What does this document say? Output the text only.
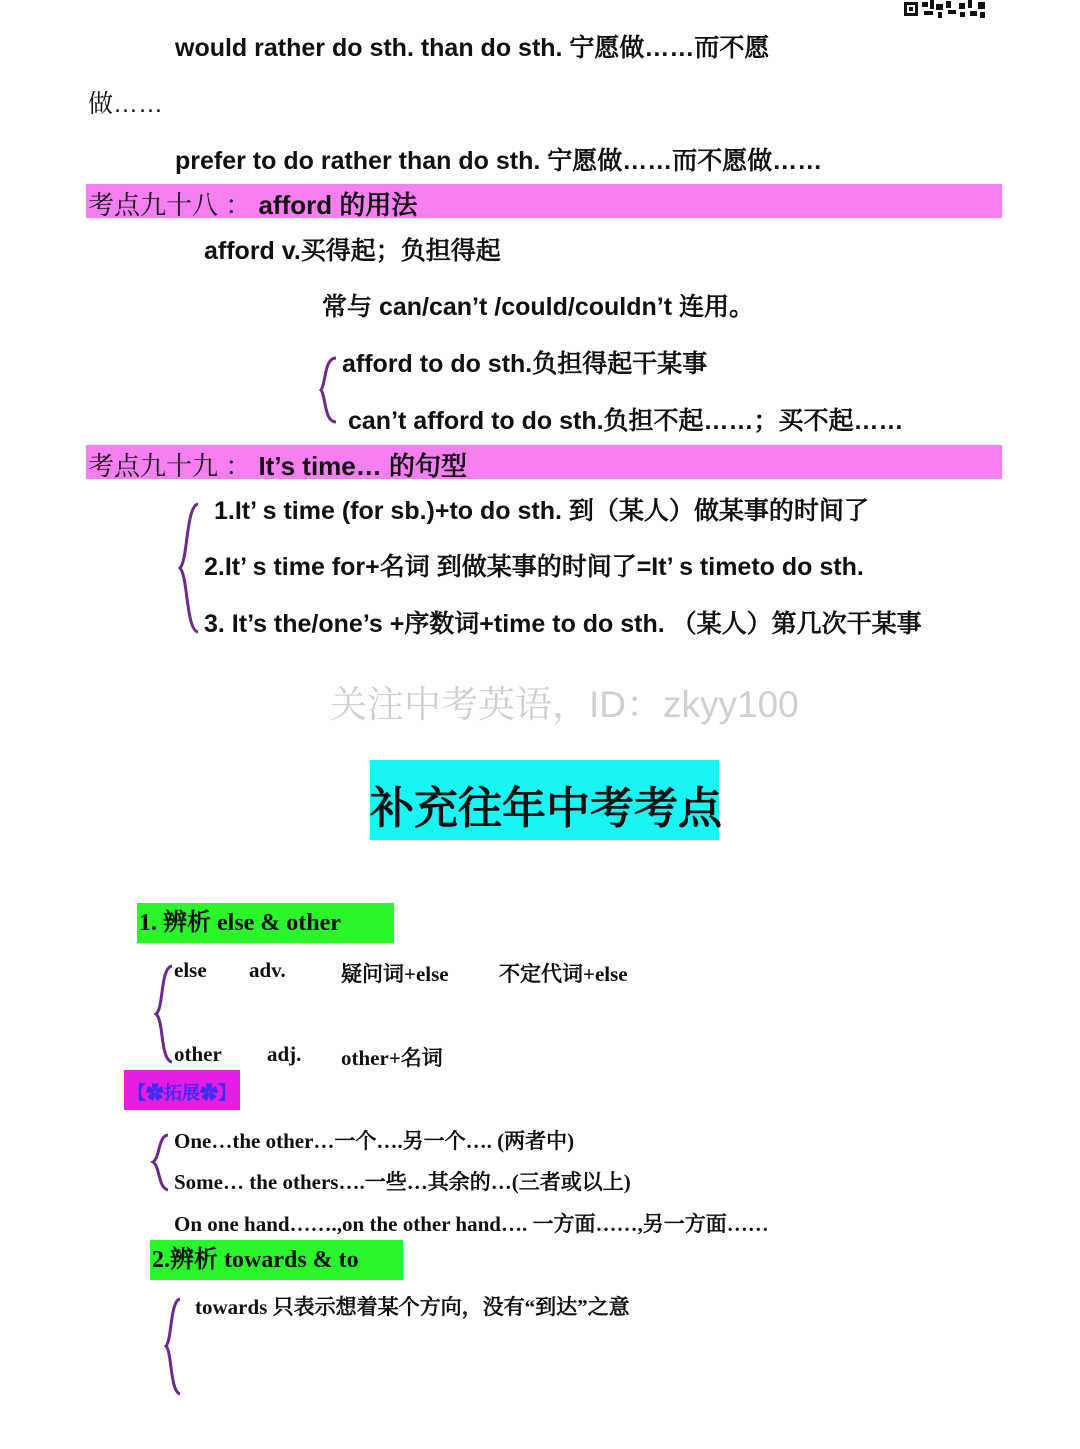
would rather do sth. than do sth. 宁愿做……而不愿
做……
prefer to do rather than do sth. 宁愿做……而不愿做……
考点九十八 ： afford 的用法
afford v.买得起；负担得起
常与 can/can’t /could/couldn’t 连用。
afford to do sth.负担得起干某事
can’t afford to do sth.负担不起……；买不起……
考点九十九 ： It’s time… 的句型
1.It’ s time (for sb.)+to do sth. 到（某人）做某事的时间了
2.It’ s time for+名词 到做某事的时间了=It’ s timeto do sth.
3. It’s the/one’s +序数词+time to do sth. （某人）第几次干某事
关注中考英语，ID：zkyy100
补充往年中考考点
1. 辨析 else & other
else adv.	疑问词+else 不定代词+else
other adj. other+名词
【✿拓展✿】
One…the other…一个….另一个…. (两者中)
Some… the others….一些…其余的…(三者或以上)
On one hand…….,on the other hand…. 一方面……,另一方面……
2.辨析 towards & to
towards 只表示想着某个方向，没有“到达”之意
